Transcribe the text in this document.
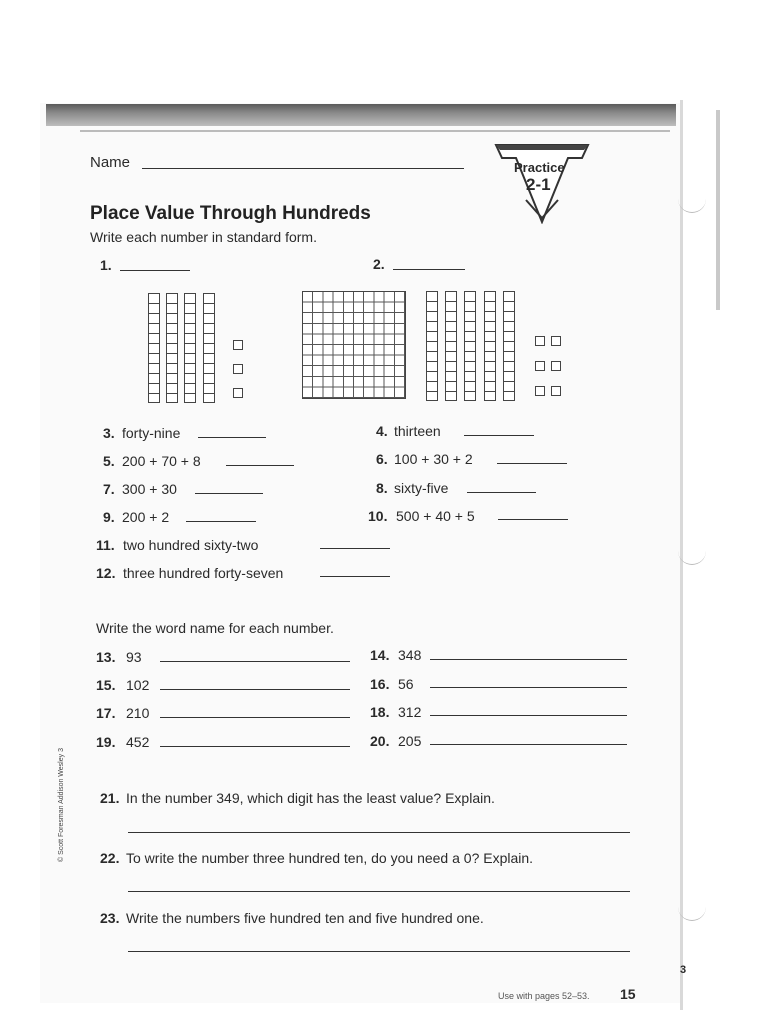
Name	Practice
2-1
Place Value Through Hundreds
Write each number in standard form.
1.	2.
3. forty-nine	4. thirteen
5. 200 + 70 + 8	6. 100 + 30 + 2
7. 300 + 30	8. sixty-five
9. 200 + 2	10. 500 + 40 + 5
11. two hundred sixty-two
12. three hundred forty-seven
Write the word name for each number.
13. 93	14. 348
15. 102	16. 56
17. 210	18. 312
19. 452	20. 205
21. In the number 349, which digit has the least value? Explain.
22. To write the number three hundred ten, do you need a 0? Explain.
23. Write the numbers five hundred ten and five hundred one.
© Scott Foresman Addison Wesley 3
3
Use with pages 52–53. 15
